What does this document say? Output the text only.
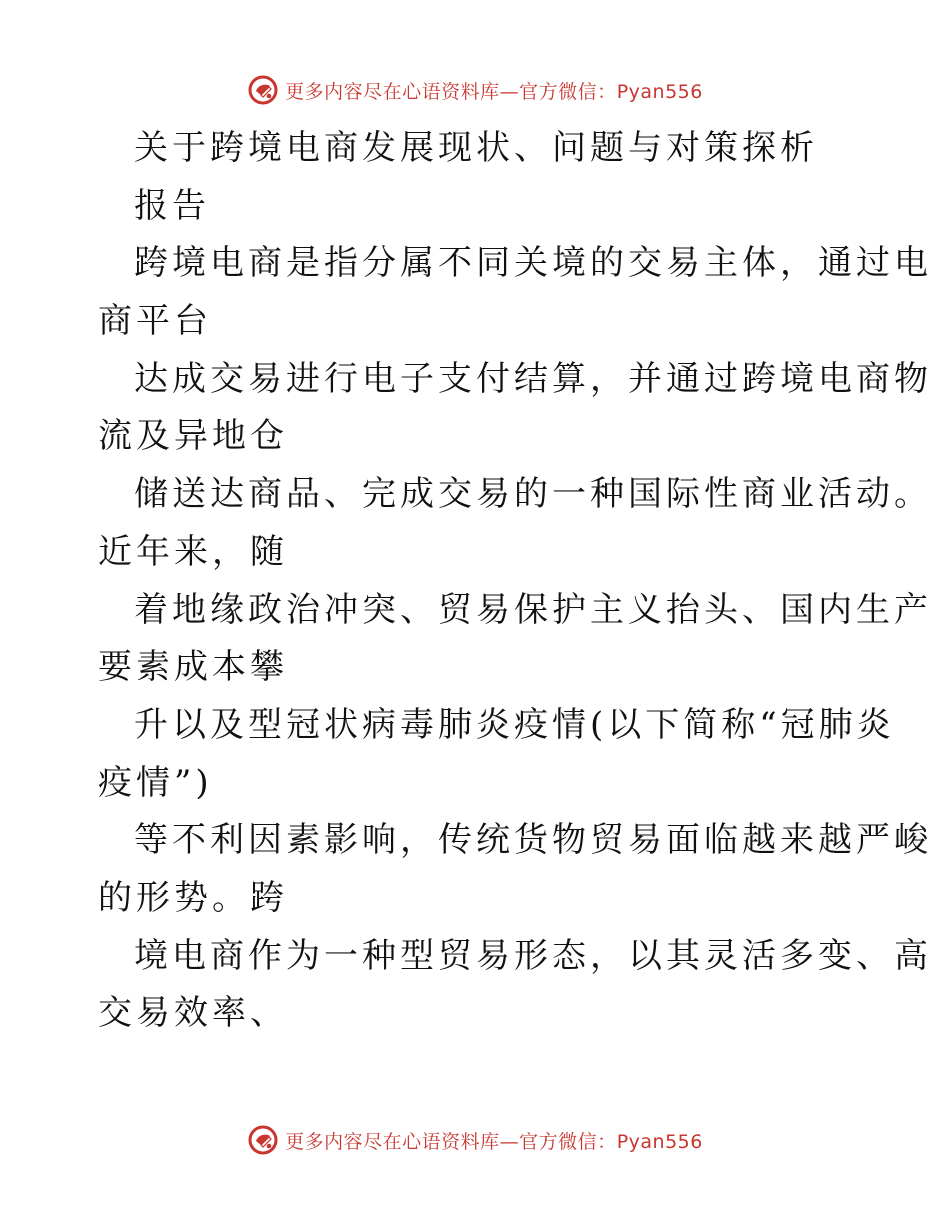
更多内容尽在心语资料库—官方微信：Pyan556
关于跨境电商发展现状、问题与对策探析
报告
跨境电商是指分属不同关境的交易主体，通过电
商平台
达成交易进行电子支付结算，并通过跨境电商物
流及异地仓
储送达商品、完成交易的一种国际性商业活动。
近年来，随
着地缘政治冲突、贸易保护主义抬头、国内生产
要素成本攀
升以及型冠状病毒肺炎疫情(以下简称“冠肺炎
疫情”)
等不利因素影响，传统货物贸易面临越来越严峻
的形势。跨
境电商作为一种型贸易形态，以其灵活多变、高
交易效率、
更多内容尽在心语资料库—官方微信：Pyan556
